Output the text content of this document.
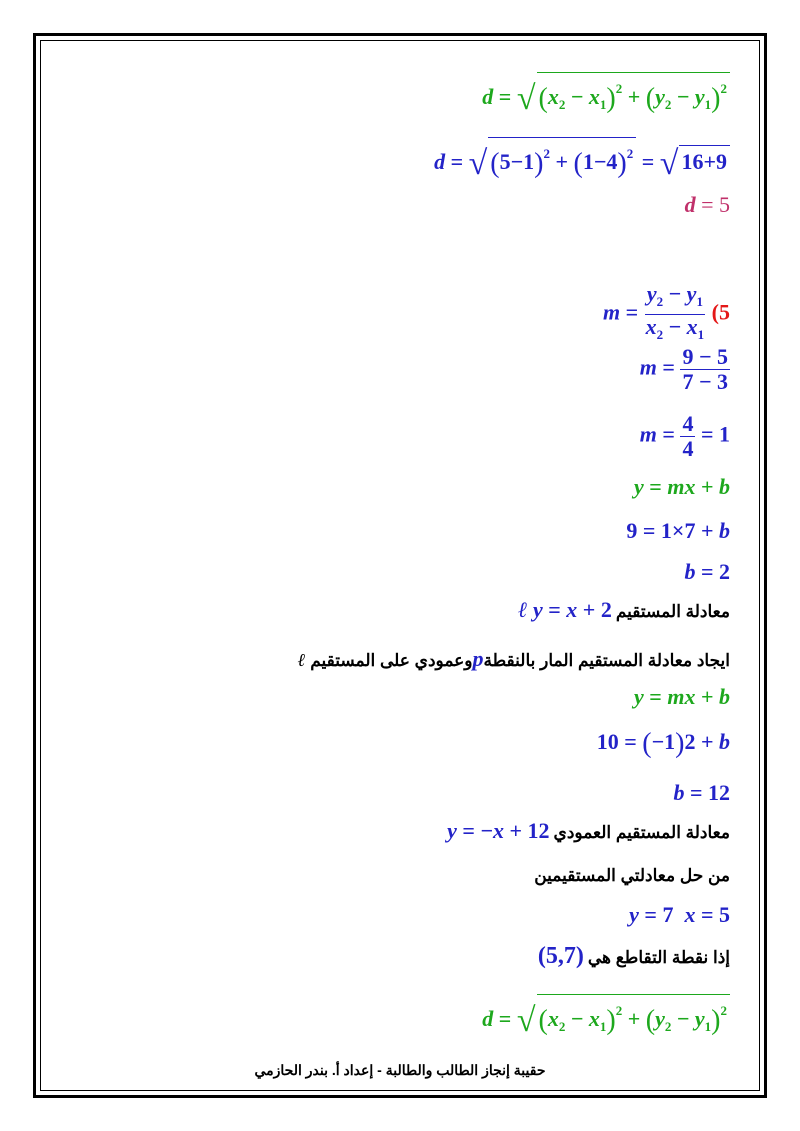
d = √ $(x_2 - x_1)^2 + (y_2 - y_1)^2$
d = √ $(5-1)^2 + (1-4)^2$ = √ 16+9
d = 5
$m = \frac{y_2 - y_1}{x_2 - x_1} (5$
$m = \frac{9 - 5}{7 - 3}$
$m = \frac{4}{4} = 1$
y = mx + b
9 = 1×7 + b
b = 2
ℓ y = x + 2 معادلة المستقيم
ايجاد معادلة المستقيم المار بالنقطةpوعمودي على المستقيم ℓ
y = mx + b
10 = (−1)2 + b
b = 12
y = −x + 12 معادلة المستقيم العمودي
من حل معادلتي المستقيمين
y = 7 x = 5
(5,7) إذا نقطة التقاطع هي
d = √ $(x_2 - x_1)^2 + (y_2 - y_1)^2$
حقيبة إنجاز الطالب والطالبة - إعداد أ. بندر الحازمي
